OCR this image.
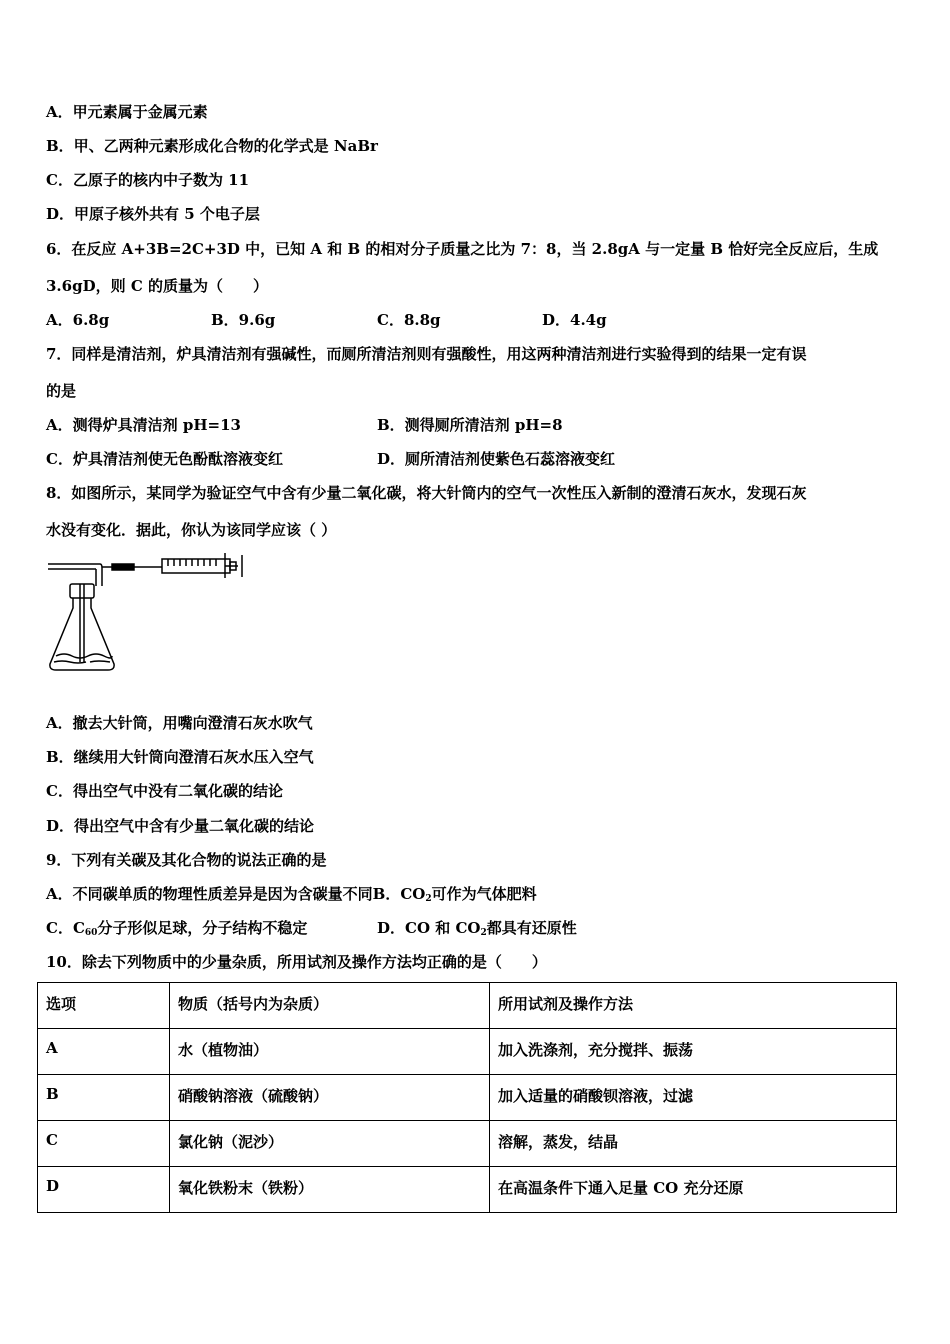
A．甲元素属于金属元素
B．甲、乙两种元素形成化合物的化学式是 NaBr
C．乙原子的核内中子数为 11
D．甲原子核外共有 5 个电子层
6．在反应 A+3B=2C+3D 中，已知 A 和 B 的相对分子质量之比为 7：8，当 2.8gA 与一定量 B 恰好完全反应后，生成
3.6gD，则 C 的质量为（　　）
A．6.8g	B．9.6g	C．8.8g	D．4.4g
7．同样是清洁剂，炉具清洁剂有强碱性，而厕所清洁剂则有强酸性，用这两种清洁剂进行实验得到的结果一定有误
的是
A．测得炉具清洁剂 pH=13	B．测得厕所清洁剂 pH=8
C．炉具清洁剂使无色酚酞溶液变红	D．厕所清洁剂使紫色石蕊溶液变红
8．如图所示，某同学为验证空气中含有少量二氧化碳，将大针筒内的空气一次性压入新制的澄清石灰水，发现石灰
水没有变化．据此，你认为该同学应该（ ）
A．撤去大针筒，用嘴向澄清石灰水吹气
B．继续用大针筒向澄清石灰水压入空气
C．得出空气中没有二氧化碳的结论
D．得出空气中含有少量二氧化碳的结论
9．下列有关碳及其化合物的说法正确的是
A．不同碳单质的物理性质差异是因为含碳量不同B．$CO_2$可作为气体肥料
C．$C_{60}$分子形似足球，分子结构不稳定	D．CO 和 $CO_2$都具有还原性
10．除去下列物质中的少量杂质，所用试剂及操作方法均正确的是（　　）
选项	物质（括号内为杂质）	所用试剂及操作方法
A	水（植物油）	加入洗涤剂，充分搅拌、振荡
B	硝酸钠溶液（硫酸钠）	加入适量的硝酸钡溶液，过滤
C	氯化钠（泥沙）	溶解，蒸发，结晶
D	氧化铁粉末（铁粉）	在高温条件下通入足量 CO 充分还原
